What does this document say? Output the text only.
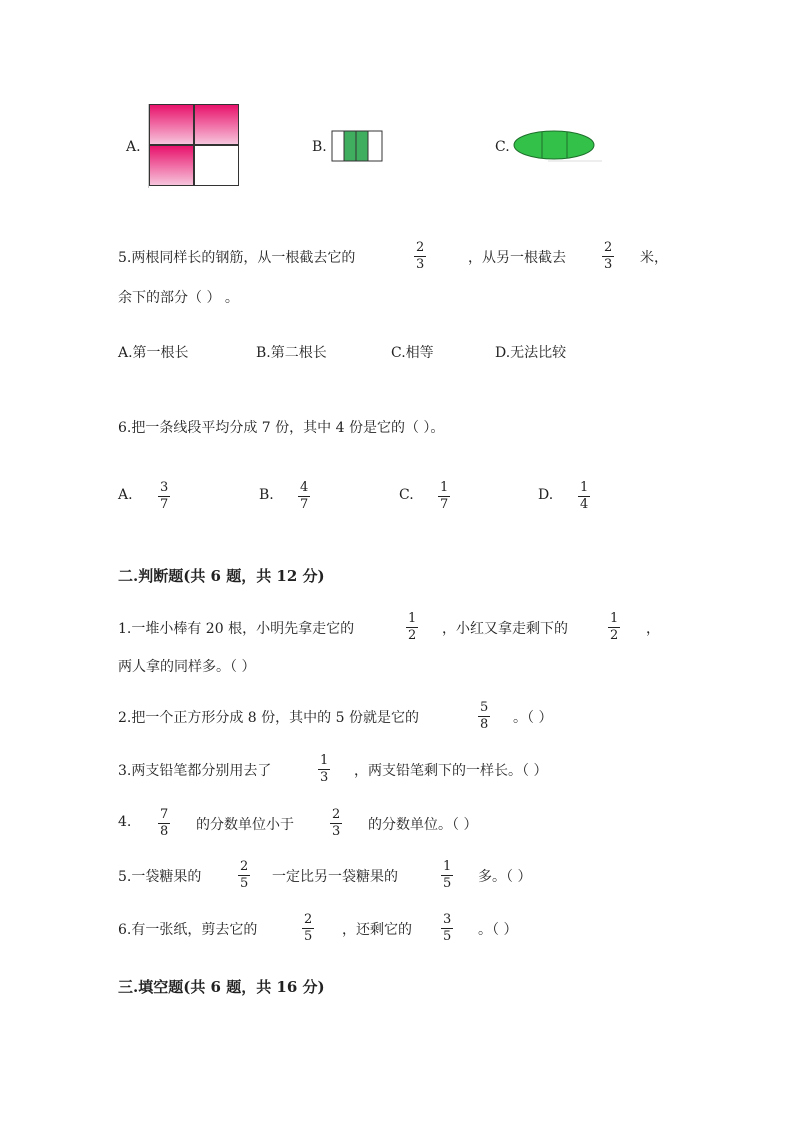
A.	B.	C.
5.两根同样长的钢筋，从一根截去它的
2
3	，从另一根截去
2
3 米，
余下的部分（ ） 。
A.第一根长	B.第二根长	C.相等	D.无法比较
6.把一条线段平均分成 7 份，其中 4 份是它的（ ）。
A. 3
7
B. 4
7
C. 1
7
D. 1
4
二.判断题(共 6 题，共 12 分)
1.一堆小棒有 20 根，小明先拿走它的
1
2 ，小红又拿走剩下的
1
2 ，
两人拿的同样多。（ ）
2.把一个正方形分成 8 份，其中的 5 份就是它的
5
8 。（ ）
3.两支铅笔都分别用去了
1
3 ，两支铅笔剩下的一样长。（ ）
4. 7
8 的分数单位小于
2
3 的分数单位。（ ）
5.一袋糖果的
2
5 一定比另一袋糖果的
1
5 多。（ ）
6.有一张纸，剪去它的
2
5 ，还剩它的
3
5 。（ ）
三.填空题(共 6 题，共 16 分)
